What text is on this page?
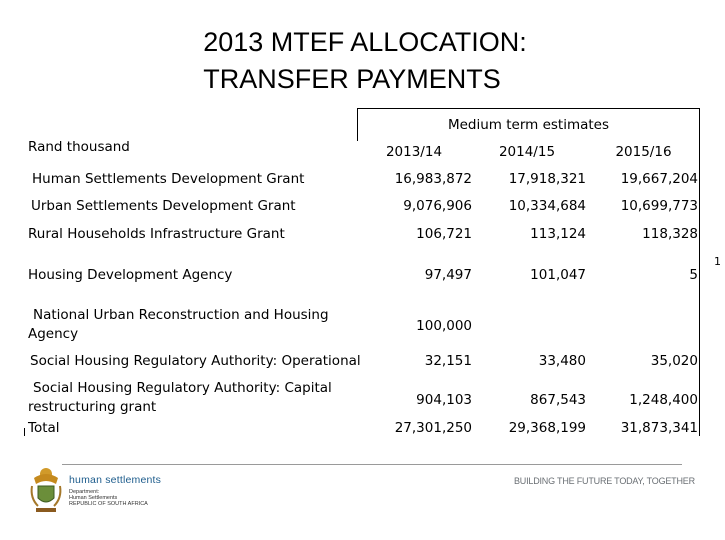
2013 MTEF ALLOCATION:
TRANSFER PAYMENTS
Medium term estimates
Rand thousand	2013/14	2014/15	2015/16
Human Settlements Development Grant	16,983,872	17,918,321	19,667,204
Urban Settlements Development Grant	9,076,906	10,334,684	10,699,773
Rural Households Infrastructure Grant	106,721	113,124	118,328
Housing Development Agency	97,497	101,047	5
National Urban Reconstruction and Housing Agency	100,000
Social Housing Regulatory Authority: Operational	32,151	33,480	35,020
Social Housing Regulatory Authority: Capital restructuring grant	904,103	867,543	1,248,400
Total	27,301,250	29,368,199	31,873,341
1
human settlements
Department:
Human Settlements
REPUBLIC OF SOUTH AFRICA
BUILDING THE FUTURE TODAY, TOGETHER
